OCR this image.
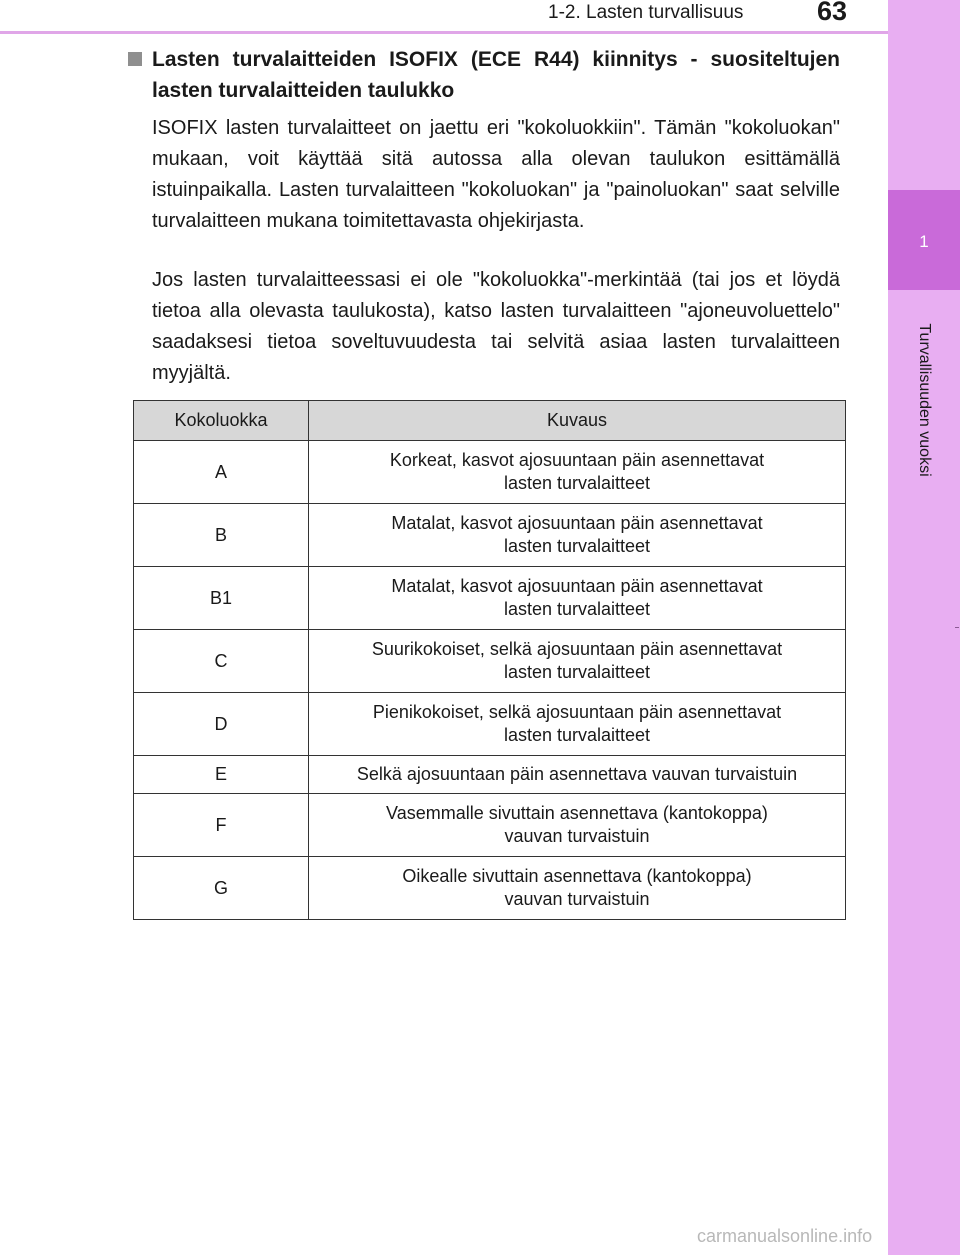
1-2. Lasten turvallisuus	63
1
Turvallisuuden vuoksi
Lasten turvalaitteiden ISOFIX (ECE R44) kiinnitys - suositeltujen lasten turvalaitteiden taulukko
ISOFIX lasten turvalaitteet on jaettu eri "kokoluokkiin". Tämän "kokoluokan" mukaan, voit käyttää sitä autossa alla olevan taulukon esittämällä istuinpaikalla. Lasten turvalaitteen "kokoluokan" ja "painoluokan" saat selville turvalaitteen mukana toimitettavasta ohjekirjasta.
Jos lasten turvalaitteessasi ei ole "kokoluokka"-merkintää (tai jos et löydä tietoa alla olevasta taulukosta), katso lasten turvalaitteen "ajoneuvoluettelo" saadaksesi tietoa soveltuvuudesta tai selvitä asiaa lasten turvalaitteen myyjältä.
Kokoluokka	Kuvaus
A	Korkeat, kasvot ajosuuntaan päin asennettavat
lasten turvalaitteet
B	Matalat, kasvot ajosuuntaan päin asennettavat
lasten turvalaitteet
B1	Matalat, kasvot ajosuuntaan päin asennettavat
lasten turvalaitteet
C	Suurikokoiset, selkä ajosuuntaan päin asennettavat
lasten turvalaitteet
D	Pienikokoiset, selkä ajosuuntaan päin asennettavat
lasten turvalaitteet
E	Selkä ajosuuntaan päin asennettava vauvan turvaistuin
F	Vasemmalle sivuttain asennettava (kantokoppa)
vauvan turvaistuin
G	Oikealle sivuttain asennettava (kantokoppa)
vauvan turvaistuin
carmanualsonline.info
